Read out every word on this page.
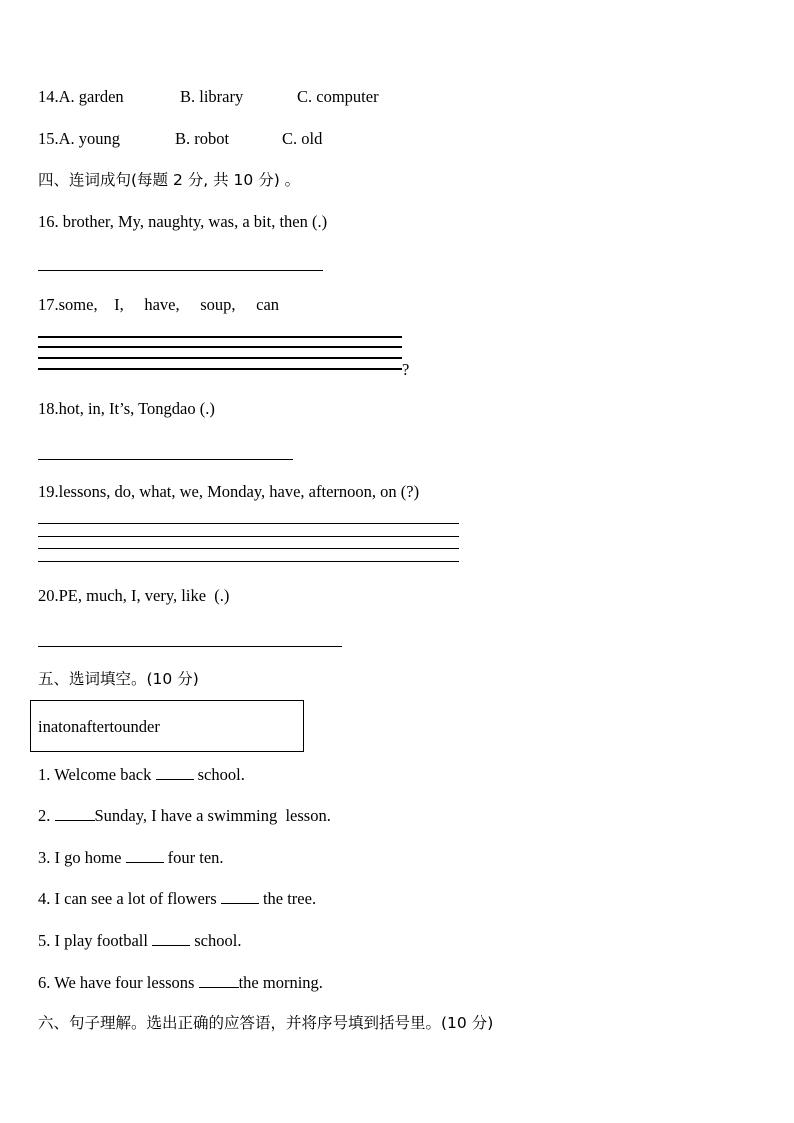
14.A. garden	B. library	C. computer
15.A. young	B. robot	C. old
四、连词成句(每题 2 分, 共 10 分) 。
16. brother, My, naughty, was, a bit, then (.)
17.some,    I,     have,     soup,     can
?
18.hot, in, It’s, Tongdao (.)
19.lessons, do, what, we, Monday, have, afternoon, on (?)
20.PE, much, I, very, like  (.)
五、选词填空。(10 分)
inatonaftertounder
1. Welcome back  school.
2. Sunday, I have a swimming  lesson.
3. I go home  four ten.
4. I can see a lot of flowers  the tree.
5. I play football  school.
6. We have four lessons the morning.
六、句子理解。选出正确的应答语，并将序号填到括号里。(10 分)
